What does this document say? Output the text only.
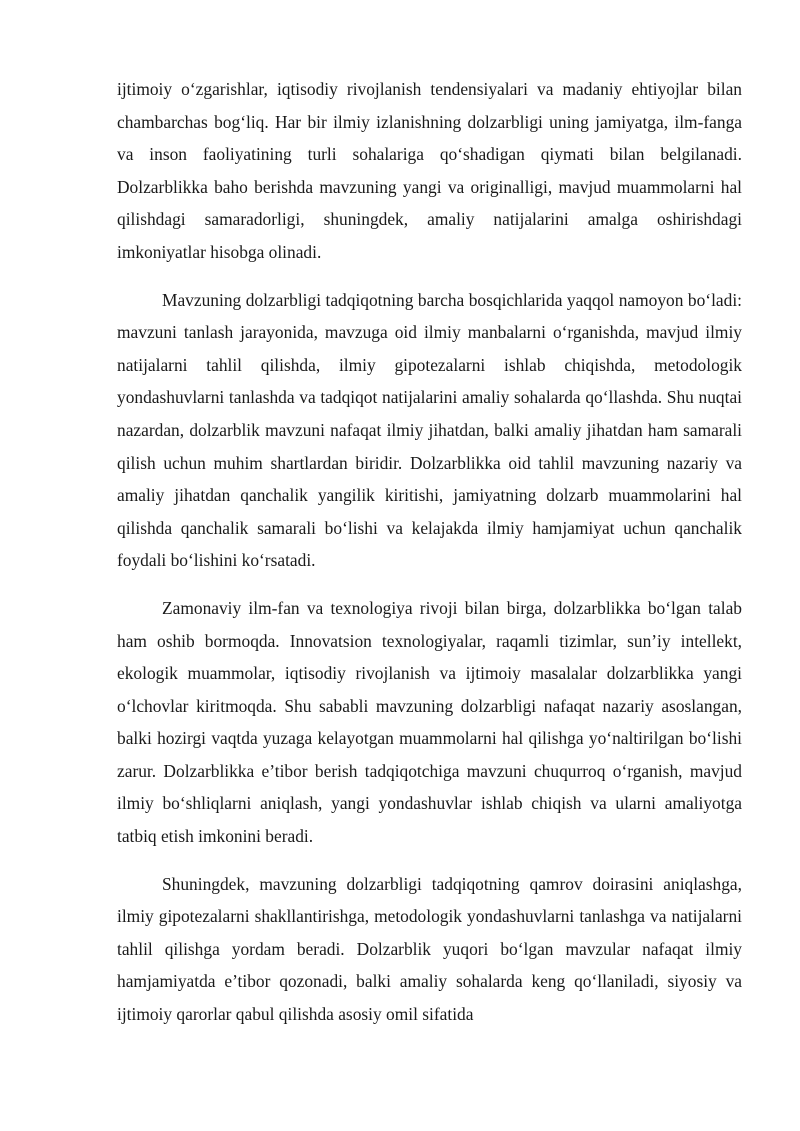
ijtimoiy o‘zgarishlar, iqtisodiy rivojlanish tendensiyalari va madaniy ehtiyojlar bilan chambarchas bog‘liq. Har bir ilmiy izlanishning dolzarbligi uning jamiyatga, ilm-fanga va inson faoliyatining turli sohalariga qo‘shadigan qiymati bilan belgilanadi. Dolzarblikka baho berishda mavzuning yangi va originalligi, mavjud muammolarni hal qilishdagi samaradorligi, shuningdek, amaliy natijalarini amalga oshirishdagi imkoniyatlar hisobga olinadi.

Mavzuning dolzarbligi tadqiqotning barcha bosqichlarida yaqqol namoyon bo‘ladi: mavzuni tanlash jarayonida, mavzuga oid ilmiy manbalarni o‘rganishda, mavjud ilmiy natijalarni tahlil qilishda, ilmiy gipotezalarni ishlab chiqishda, metodologik yondashuvlarni tanlashda va tadqiqot natijalarini amaliy sohalarda qo‘llashda. Shu nuqtai nazardan, dolzarblik mavzuni nafaqat ilmiy jihatdan, balki amaliy jihatdan ham samarali qilish uchun muhim shartlardan biridir. Dolzarblikka oid tahlil mavzuning nazariy va amaliy jihatdan qanchalik yangilik kiritishi, jamiyatning dolzarb muammolarini hal qilishda qanchalik samarali bo‘lishi va kelajakda ilmiy hamjamiyat uchun qanchalik foydali bo‘lishini ko‘rsatadi.

Zamonaviy ilm-fan va texnologiya rivoji bilan birga, dolzarblikka bo‘lgan talab ham oshib bormoqda. Innovatsion texnologiyalar, raqamli tizimlar, sun’iy intellekt, ekologik muammolar, iqtisodiy rivojlanish va ijtimoiy masalalar dolzarblikka yangi o‘lchovlar kiritmoqda. Shu sababli mavzuning dolzarbligi nafaqat nazariy asoslangan, balki hozirgi vaqtda yuzaga kelayotgan muammolarni hal qilishga yo‘naltirilgan bo‘lishi zarur. Dolzarblikka e’tibor berish tadqiqotchiga mavzuni chuqurroq o‘rganish, mavjud ilmiy bo‘shliqlarni aniqlash, yangi yondashuvlar ishlab chiqish va ularni amaliyotga tatbiq etish imkonini beradi.

Shuningdek, mavzuning dolzarbligi tadqiqotning qamrov doirasini aniqlashga, ilmiy gipotezalarni shakllantirishga, metodologik yondashuvlarni tanlashga va natijalarni tahlil qilishga yordam beradi. Dolzarblik yuqori bo‘lgan mavzular nafaqat ilmiy hamjamiyatda e’tibor qozonadi, balki amaliy sohalarda keng qo‘llaniladi, siyosiy va ijtimoiy qarorlar qabul qilishda asosiy omil sifatida
